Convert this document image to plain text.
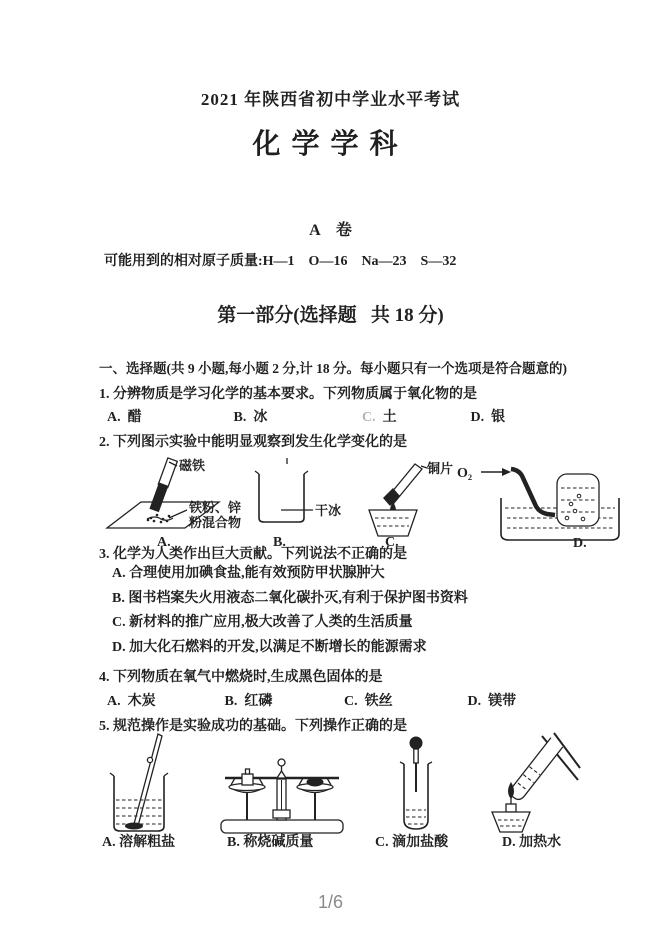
2021 年陕西省初中学业水平考试
化学学科
A　卷
可能用到的相对原子质量:H—1　O—16　Na—23　S—32
第一部分(选择题   共 18 分)
一、选择题(共 9 小题,每小题 2 分,计 18 分。每小题只有一个选项是符合题意的)
1. 分辨物质是学习化学的基本要求。下列物质属于氧化物的是
A. 醋	B. 冰	C. 土	D. 银
2. 下列图示实验中能明显观察到发生化学变化的是
磁铁
铁粉、锌
粉混合物
A.
干冰
B.
铜片
C.
O₂
D.
3. 化学为人类作出巨大贡献。下列说法不正确的是
A. 合理使用加碘食盐,能有效预防甲状腺肿大
B. 图书档案失火用液态二氧化碳扑灭,有利于保护图书资料
C. 新材料的推广应用,极大改善了人类的生活质量
D. 加大化石燃料的开发,以满足不断增长的能源需求
4. 下列物质在氧气中燃烧时,生成黑色固体的是
A. 木炭	B. 红磷	C. 铁丝	D. 镁带
5. 规范操作是实验成功的基础。下列操作正确的是
A. 溶解粗盐	B. 称烧碱质量	C. 滴加盐酸	D. 加热水
1/6
